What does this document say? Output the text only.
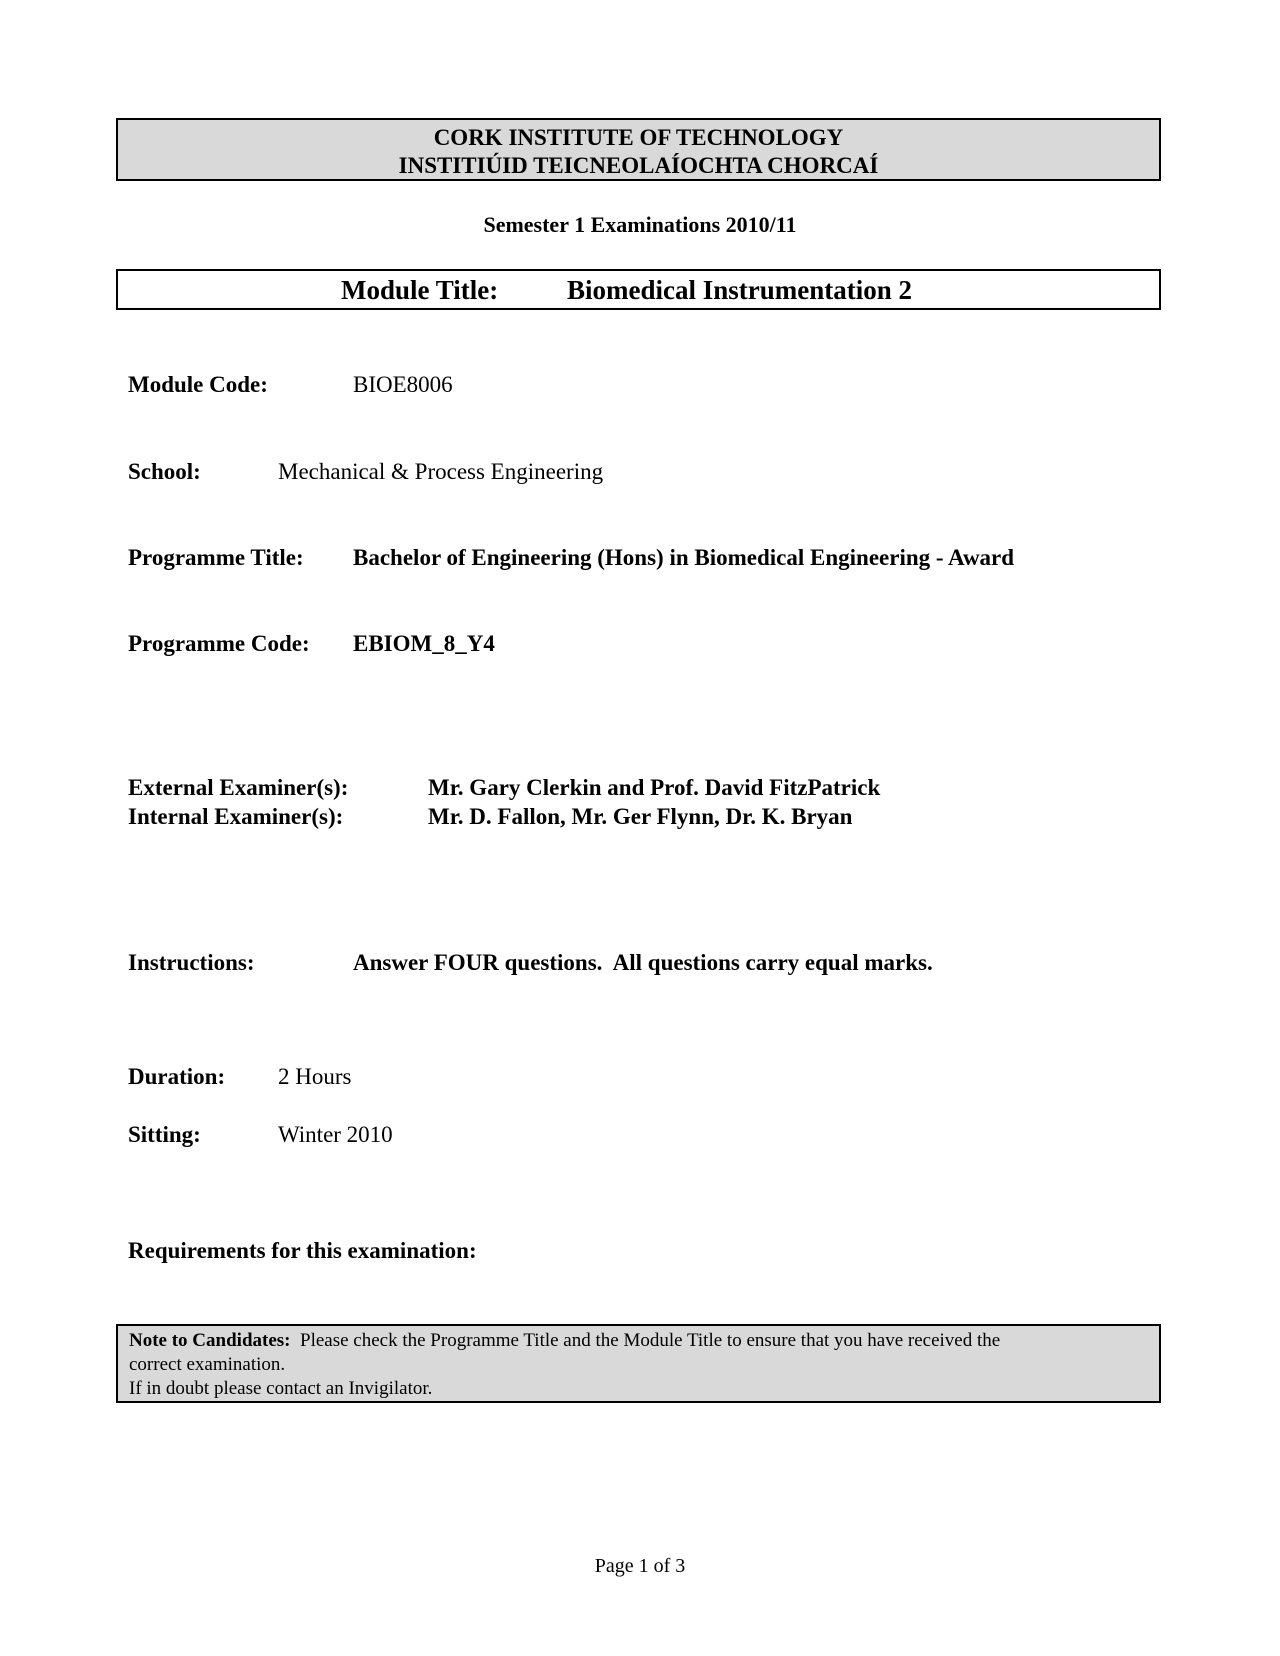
CORK INSTITUTE OF TECHNOLOGY
INSTITIÚID TEICNEOLAÍOCHTA CHORCAÍ
Semester 1 Examinations 2010/11
Module Title:	Biomedical Instrumentation 2
Module Code:	BIOE8006
School:	Mechanical & Process Engineering
Programme Title: Bachelor of Engineering (Hons) in Biomedical Engineering - Award
Programme Code: EBIOM_8_Y4
External Examiner(s):	Mr. Gary Clerkin and Prof. David FitzPatrick
Internal Examiner(s):	Mr. D. Fallon, Mr. Ger Flynn, Dr. K. Bryan
Instructions:	Answer FOUR questions.  All questions carry equal marks.
Duration: 2 Hours
Sitting:	Winter 2010
Requirements for this examination:

Note to Candidates: Please check the Programme Title and the Module Title to ensure that you have received the

correct examination.

If in doubt please contact an Invigilator.

Page 1 of 3
